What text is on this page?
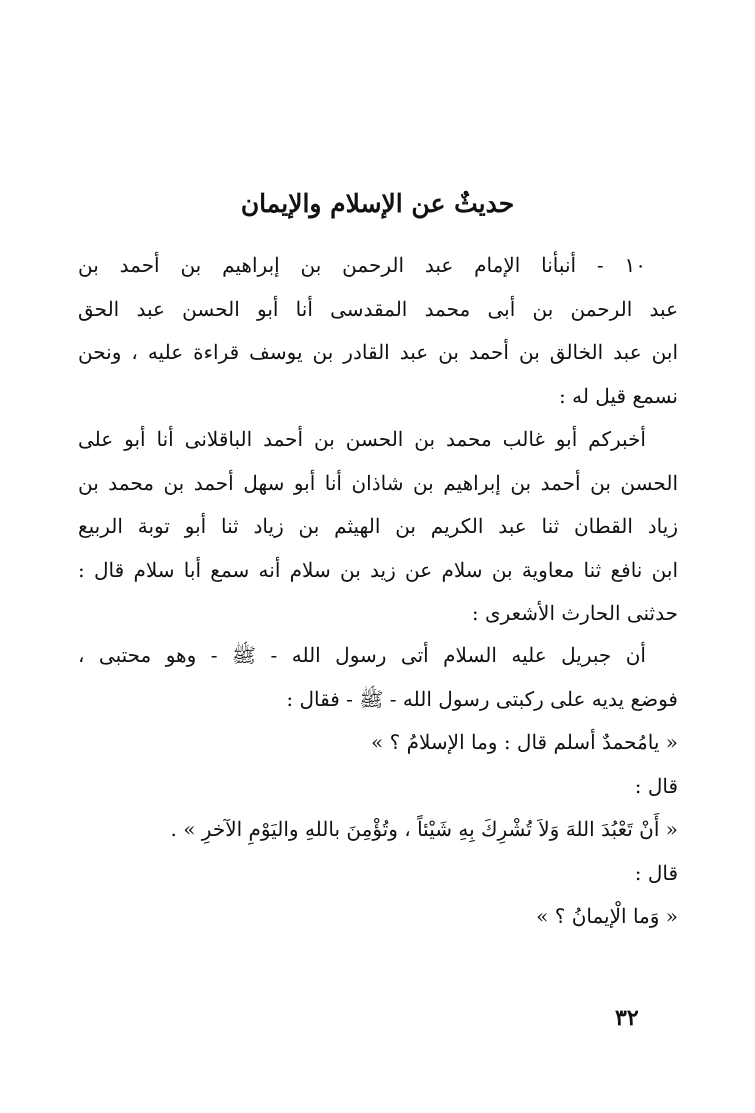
حديثٌ عن الإسلام والإيمان
١٠ - أنبأنا الإمام عبد الرحمن بن إبراهيم بن أحمد بن
عبد الرحمن بن أبى محمد المقدسى أنا أبو الحسن عبد الحق
ابن عبد الخالق بن أحمد بن عبد القادر بن يوسف قراءة عليه ، ونحن
نسمع قيل له :
أخبركم أبو غالب محمد بن الحسن بن أحمد الباقلانى أنا أبو على
الحسن بن أحمد بن إبراهيم بن شاذان أنا أبو سهل أحمد بن محمد بن
زياد القطان ثنا عبد الكريم بن الهيثم بن زياد ثنا أبو توبة الربيع
ابن نافع ثنا معاوية بن سلام عن زيد بن سلام أنه سمع أبا سلام قال :
حدثنى الحارث الأشعرى :
أن جبريل عليه السلام أتى رسول الله - ﷺ - وهو محتبى ،
فوضع يديه على ركبتى رسول الله - ﷺ - فقال :
« يامُحمدٌ أسلم قال : وما الإسلامُ ؟ »
قال :
« أَنْ تَعْبُدَ اللهَ وَلاَ تُشْرِكَ بِهِ شَيْئاً ، وتُؤْمِنَ باللهِ واليَوْمِ الآخرِ » .
قال :
« وَما الْإيمانُ ؟ »
٣٢
